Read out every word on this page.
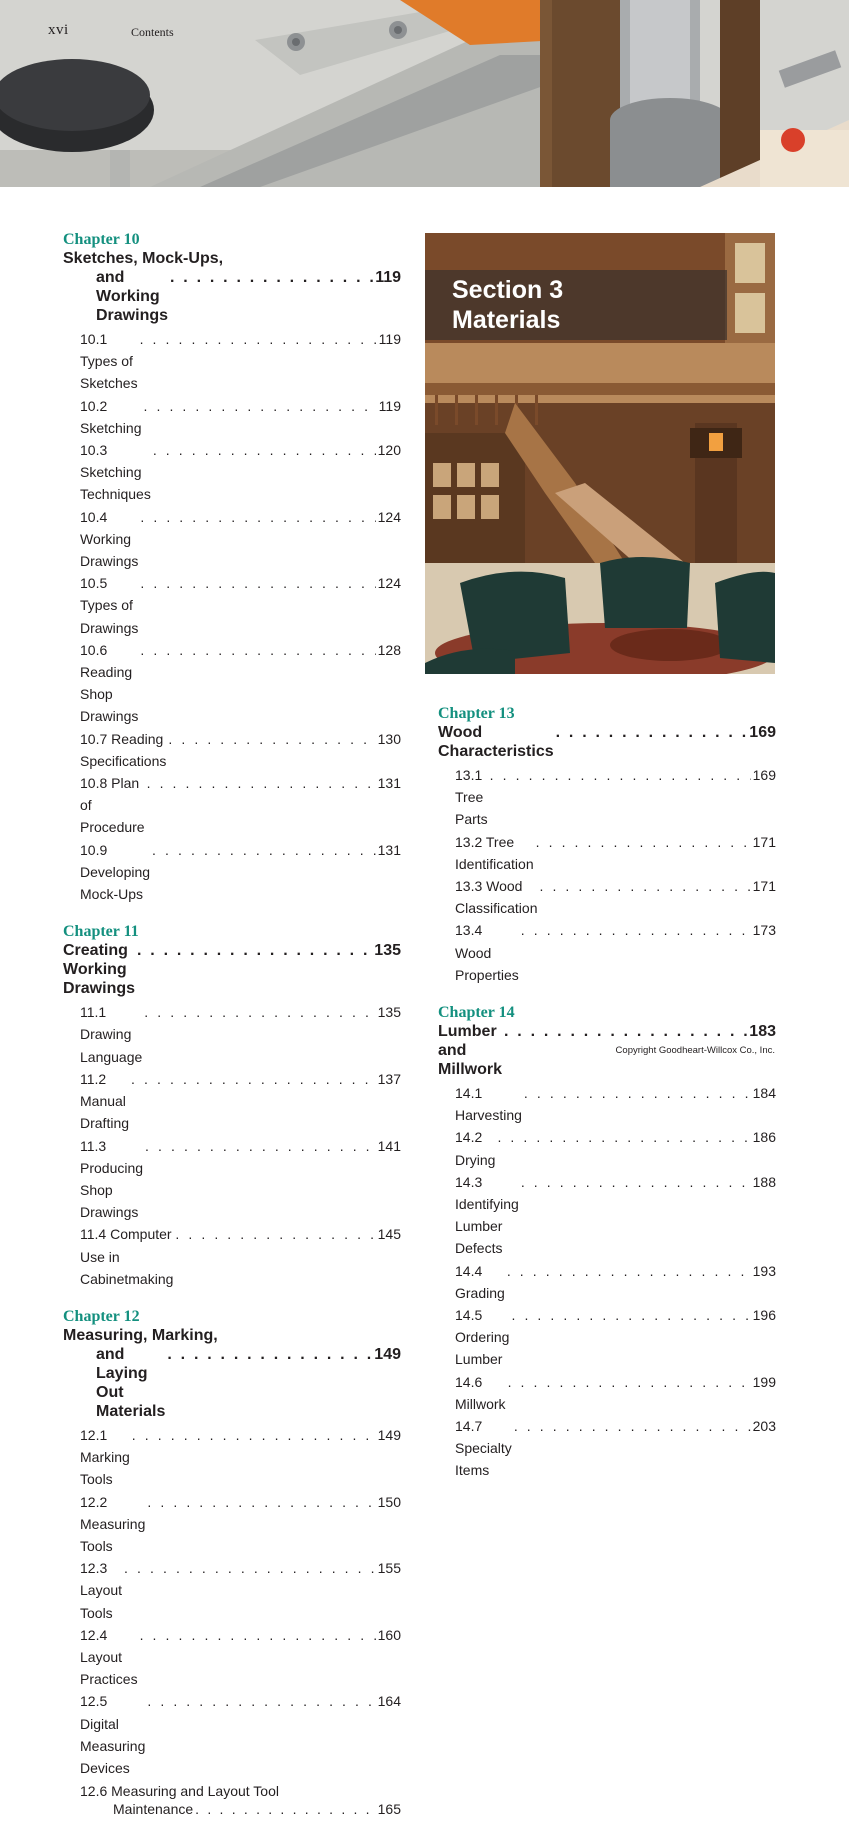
xvi	Contents
Chapter 10
Sketches, Mock-Ups,
and Working Drawings
. . .
119
10.1 Types of Sketches
. . .
119
10.2 Sketching
. . .
119
10.3 Sketching Techniques
. . .
120
10.4 Working Drawings
. . .
124
10.5 Types of Drawings
. . .
124
10.6 Reading Shop Drawings
. . .
128
10.7 Reading Specifications
. . .
130
10.8 Plan of Procedure
. . .
131
10.9 Developing Mock-Ups
. . .
131
Chapter 11
Creating Working Drawings
. . .
135
11.1 Drawing Language
. . .
135
11.2 Manual Drafting
. . .
137
11.3 Producing Shop Drawings
. . .
141
11.4 Computer Use in Cabinetmaking
. . .
145
Chapter 12
Measuring, Marking,
and Laying Out Materials
. . .
149
12.1 Marking Tools
. . .
149
12.2 Measuring Tools
. . .
150
12.3 Layout Tools
. . .
155
12.4 Layout Practices
. . .
160
12.5 Digital Measuring Devices
. . .
164
12.6 Measuring and Layout Tool
Maintenance
. . .	165
Section 3
Materials
Chapter 13
Wood Characteristics
. . .
169
13.1 Tree Parts
. . .
169
13.2 Tree Identification
. . .
171
13.3 Wood Classification
. . .
171
13.4 Wood Properties
. . .
173
Chapter 14
Lumber and Millwork
. . .
183
14.1 Harvesting
. . .
184
14.2 Drying
. . .
186
14.3 Identifying Lumber Defects
. . .
188
14.4 Grading
. . .
193
14.5 Ordering Lumber
. . .
196
14.6 Millwork
. . .
199
14.7 Specialty Items
. . .
203
Copyright Goodheart-Willcox Co., Inc.
